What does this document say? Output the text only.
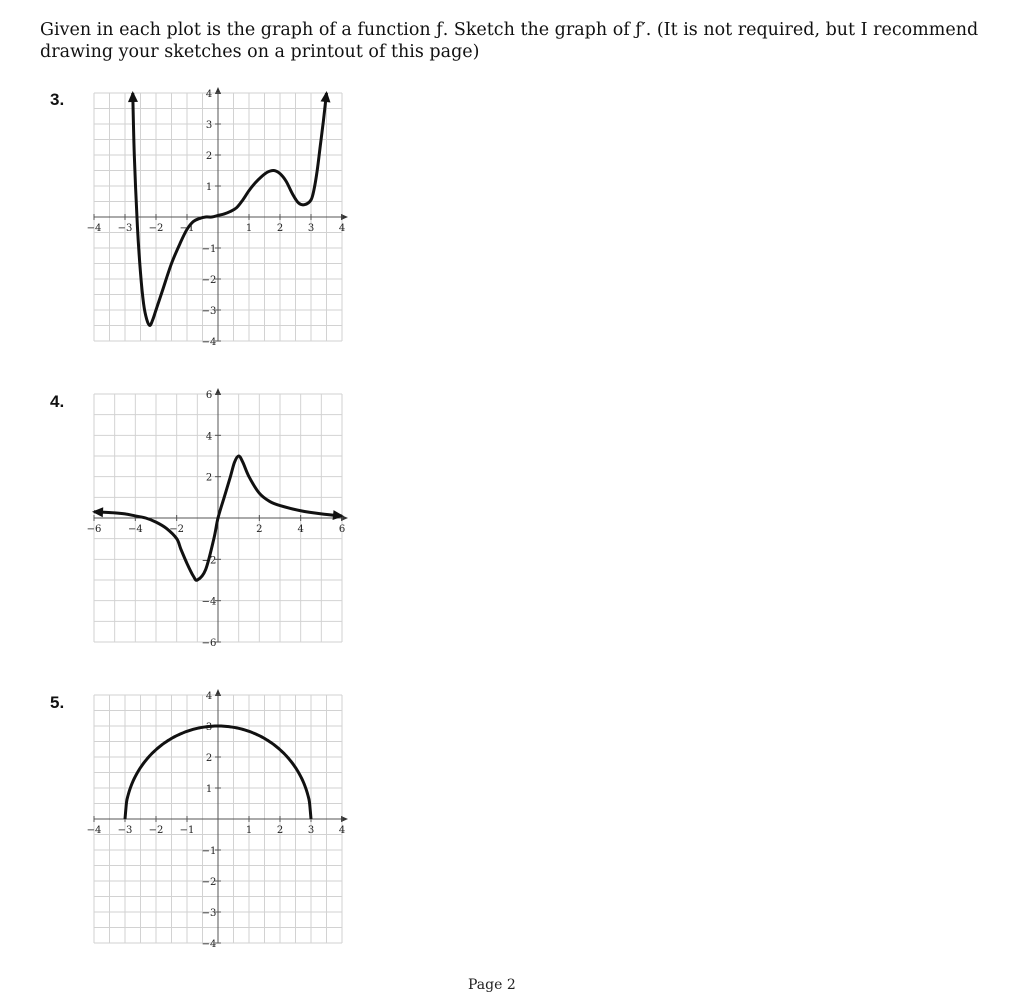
Given in each plot is the graph of a function ƒ. Sketch the graph of ƒ′. (It is not required, but I recommend drawing your sketches on a printout of this page)

3.
4.
5.
−4 −3 −2 −1	1 2 3 4
4
3
2
1
−1
−2
−3
−4
−6	−4	−2	2	4	6
6
4
2
−2
−4
−6
−4 −3 −2 −1	1 2 3 4
4
3
2
1
−1
−2
−3
−4
Page 2
